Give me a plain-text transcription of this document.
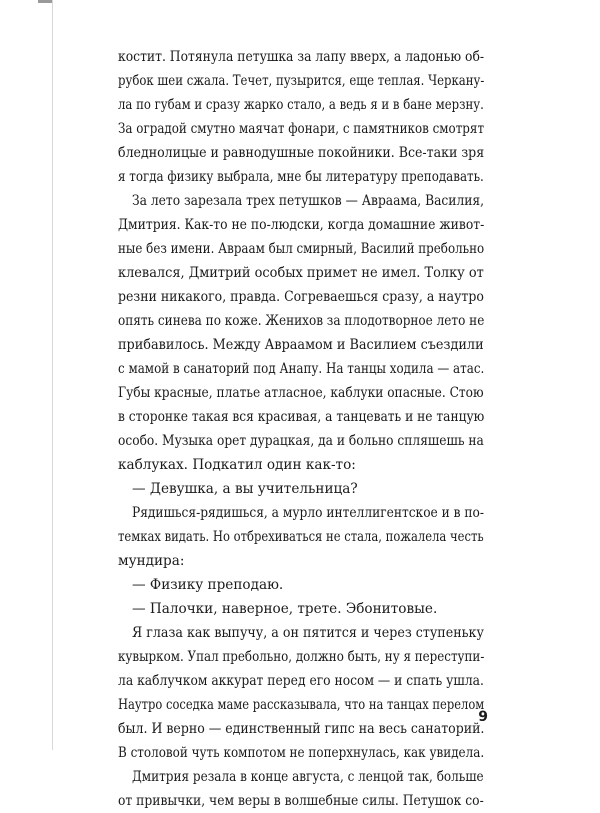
костит. Потянула петушка за лапу вверх, а ладонью об-
рубок шеи сжала. Течет, пузырится, еще теплая. Черкану-
ла по губам и сразу жарко стало, а ведь я и в бане мерзну.
За оградой смутно маячат фонари, с памятников смотрят
бледнолицые и равнодушные покойники. Все-таки зря
я тогда физику выбрала, мне бы литературу преподавать.
За лето зарезала трех петушков — Авраама, Василия,
Дмитрия. Как-то не по-людски, когда домашние живот-
ные без имени. Авраам был смирный, Василий пребольно
клевался, Дмитрий особых примет не имел. Толку от
резни никакого, правда. Согреваешься сразу, а наутро
опять синева по коже. Женихов за плодотворное лето не
прибавилось. Между Авраамом и Василием съездили
с мамой в санаторий под Анапу. На танцы ходила — атас.
Губы красные, платье атласное, каблуки опасные. Стою
в сторонке такая вся красивая, а танцевать и не танцую
особо. Музыка орет дурацкая, да и больно спляшешь на
каблуках. Подкатил один как-то:
— Девушка, а вы учительница?
Рядишься-рядишься, а мурло интеллигентское и в по-
темках видать. Но отбрехиваться не стала, пожалела честь
мундира:
— Физику преподаю.
— Палочки, наверное, трете. Эбонитовые.
Я глаза как выпучу, а он пятится и через ступеньку
кувырком. Упал пребольно, должно быть, ну я переступи-
ла каблучком аккурат перед его носом — и спать ушла.
Наутро соседка маме рассказывала, что на танцах перелом
был. И верно — единственный гипс на весь санаторий.
В столовой чуть компотом не поперхнулась, как увидела.
Дмитрия резала в конце августа, с ленцой так, больше
от привычки, чем веры в волшебные силы. Петушок со-
9
